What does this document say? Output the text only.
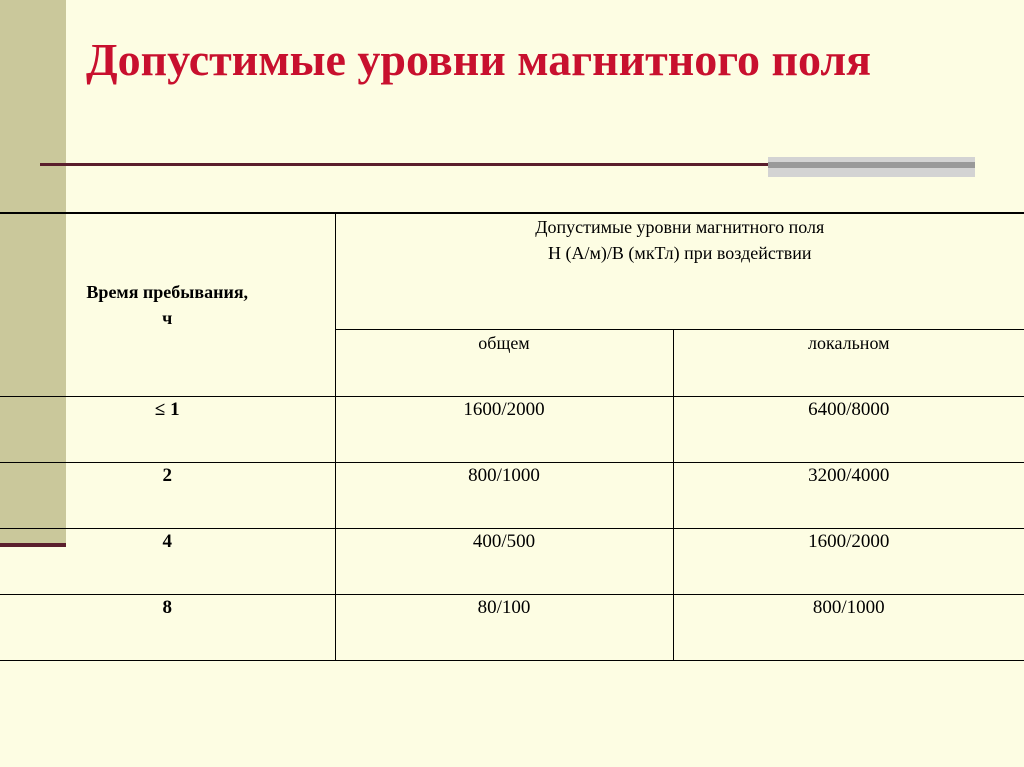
Допустимые уровни магнитного поля
Время пребывания,
ч	Допустимые уровни магнитного поля
Н (А/м)/В (мкТл) при воздействии	

	общем	локальном
≤ 1	1600/2000	6400/8000
2	800/1000	3200/4000
4	400/500	1600/2000
8	80/100	800/1000
